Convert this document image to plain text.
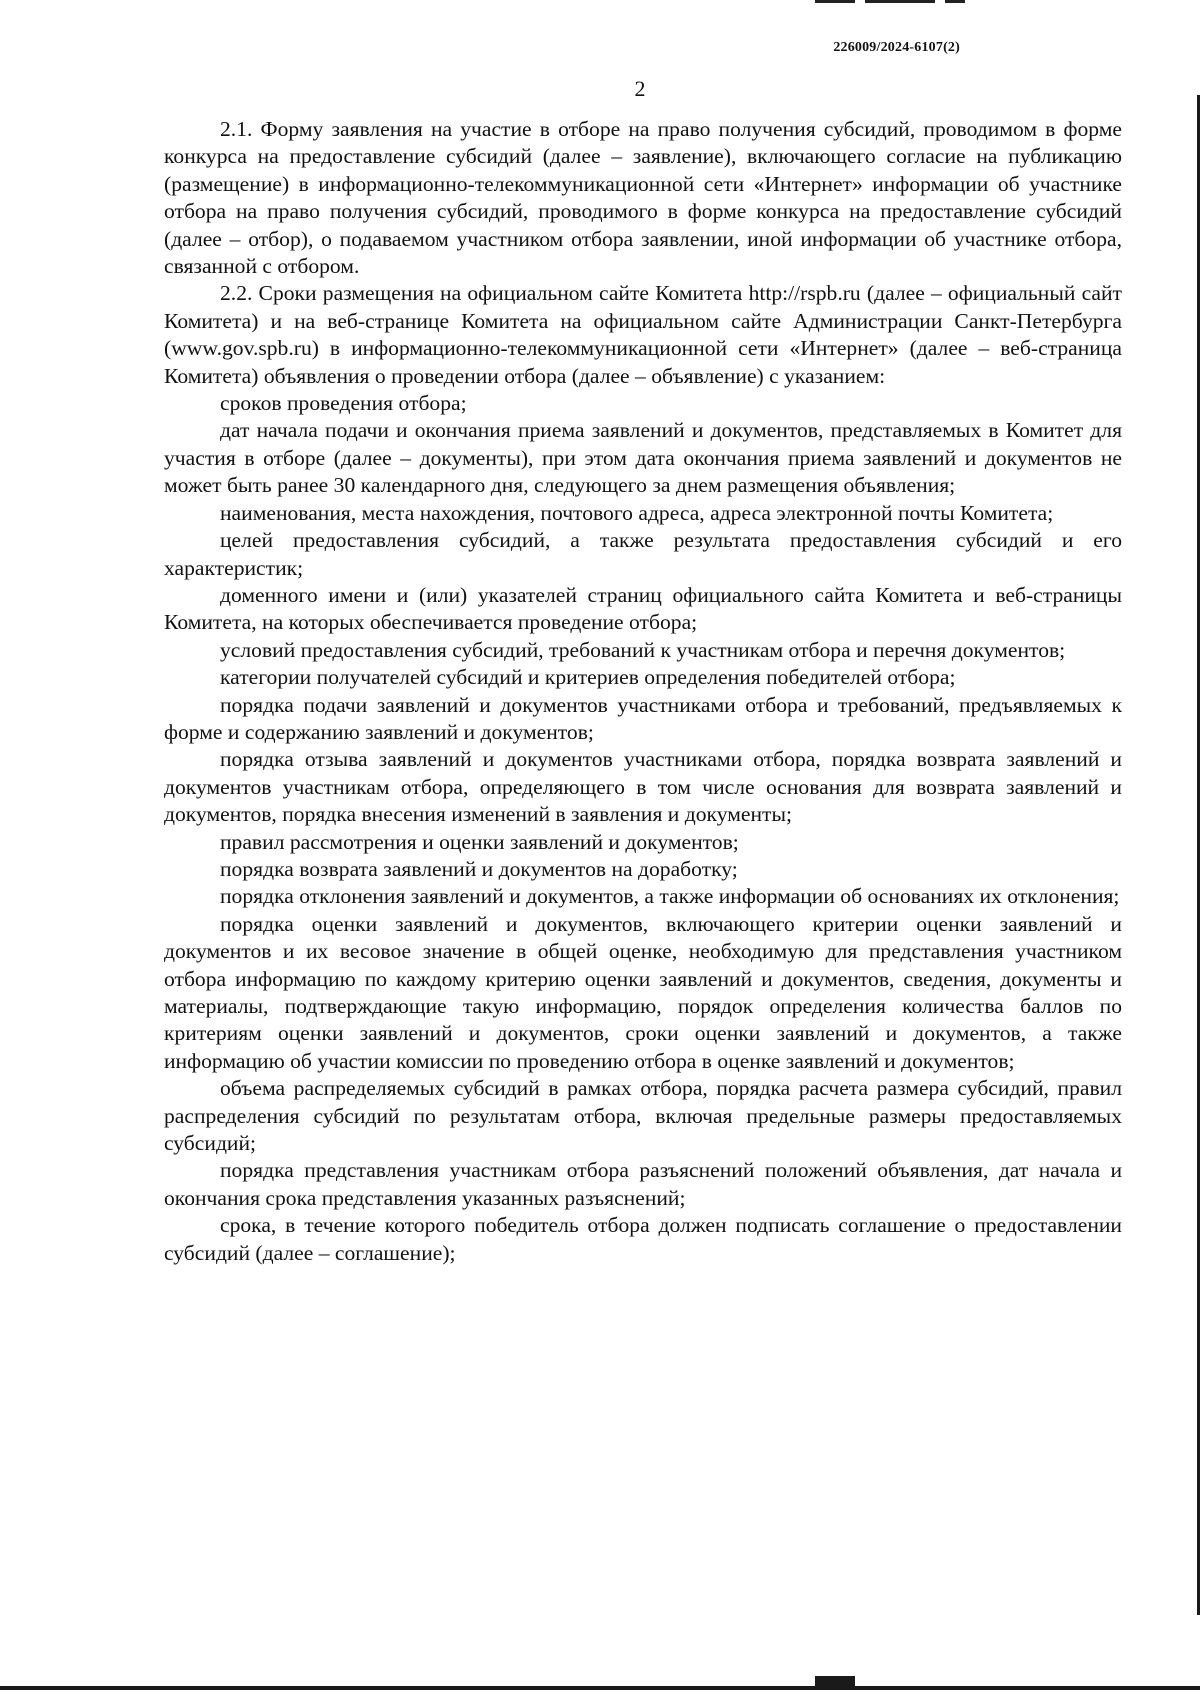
226009/2024-6107(2)
2

2.1. Форму заявления на участие в отборе на право получения субсидий, проводимом в форме конкурса на предоставление субсидий (далее – заявление), включающего согласие на публикацию (размещение) в информационно-телекоммуникационной сети «Интернет» информации об участнике отбора на право получения субсидий, проводимого в форме конкурса на предоставление субсидий (далее – отбор), о подаваемом участником отбора заявлении, иной информации об участнике отбора, связанной с отбором.

2.2. Сроки размещения на официальном сайте Комитета http://rspb.ru (далее – официальный сайт Комитета) и на веб-странице Комитета на официальном сайте Администрации Санкт-Петербурга (www.gov.spb.ru) в информационно-телекоммуникационной сети «Интернет» (далее – веб-страница Комитета) объявления о проведении отбора (далее – объявление) с указанием:

сроков проведения отбора;

дат начала подачи и окончания приема заявлений и документов, представляемых в Комитет для участия в отборе (далее – документы), при этом дата окончания приема заявлений и документов не может быть ранее 30 календарного дня, следующего за днем размещения объявления;

наименования, места нахождения, почтового адреса, адреса электронной почты Комитета;

целей предоставления субсидий, а также результата предоставления субсидий и его характеристик;

доменного имени и (или) указателей страниц официального сайта Комитета и веб-страницы Комитета, на которых обеспечивается проведение отбора;

условий предоставления субсидий, требований к участникам отбора и перечня документов;

категории получателей субсидий и критериев определения победителей отбора;

порядка подачи заявлений и документов участниками отбора и требований, предъявляемых к форме и содержанию заявлений и документов;

порядка отзыва заявлений и документов участниками отбора, порядка возврата заявлений и документов участникам отбора, определяющего в том числе основания для возврата заявлений и документов, порядка внесения изменений в заявления и документы;

правил рассмотрения и оценки заявлений и документов;

порядка возврата заявлений и документов на доработку;

порядка отклонения заявлений и документов, а также информации об основаниях их отклонения;

порядка оценки заявлений и документов, включающего критерии оценки заявлений и документов и их весовое значение в общей оценке, необходимую для представления участником отбора информацию по каждому критерию оценки заявлений и документов, сведения, документы и материалы, подтверждающие такую информацию, порядок определения количества баллов по критериям оценки заявлений и документов, сроки оценки заявлений и документов, а также информацию об участии комиссии по проведению отбора в оценке заявлений и документов;

объема распределяемых субсидий в рамках отбора, порядка расчета размера субсидий, правил распределения субсидий по результатам отбора, включая предельные размеры предоставляемых субсидий;

порядка представления участникам отбора разъяснений положений объявления, дат начала и окончания срока представления указанных разъяснений;

срока, в течение которого победитель отбора должен подписать соглашение о предоставлении субсидий (далее – соглашение);
